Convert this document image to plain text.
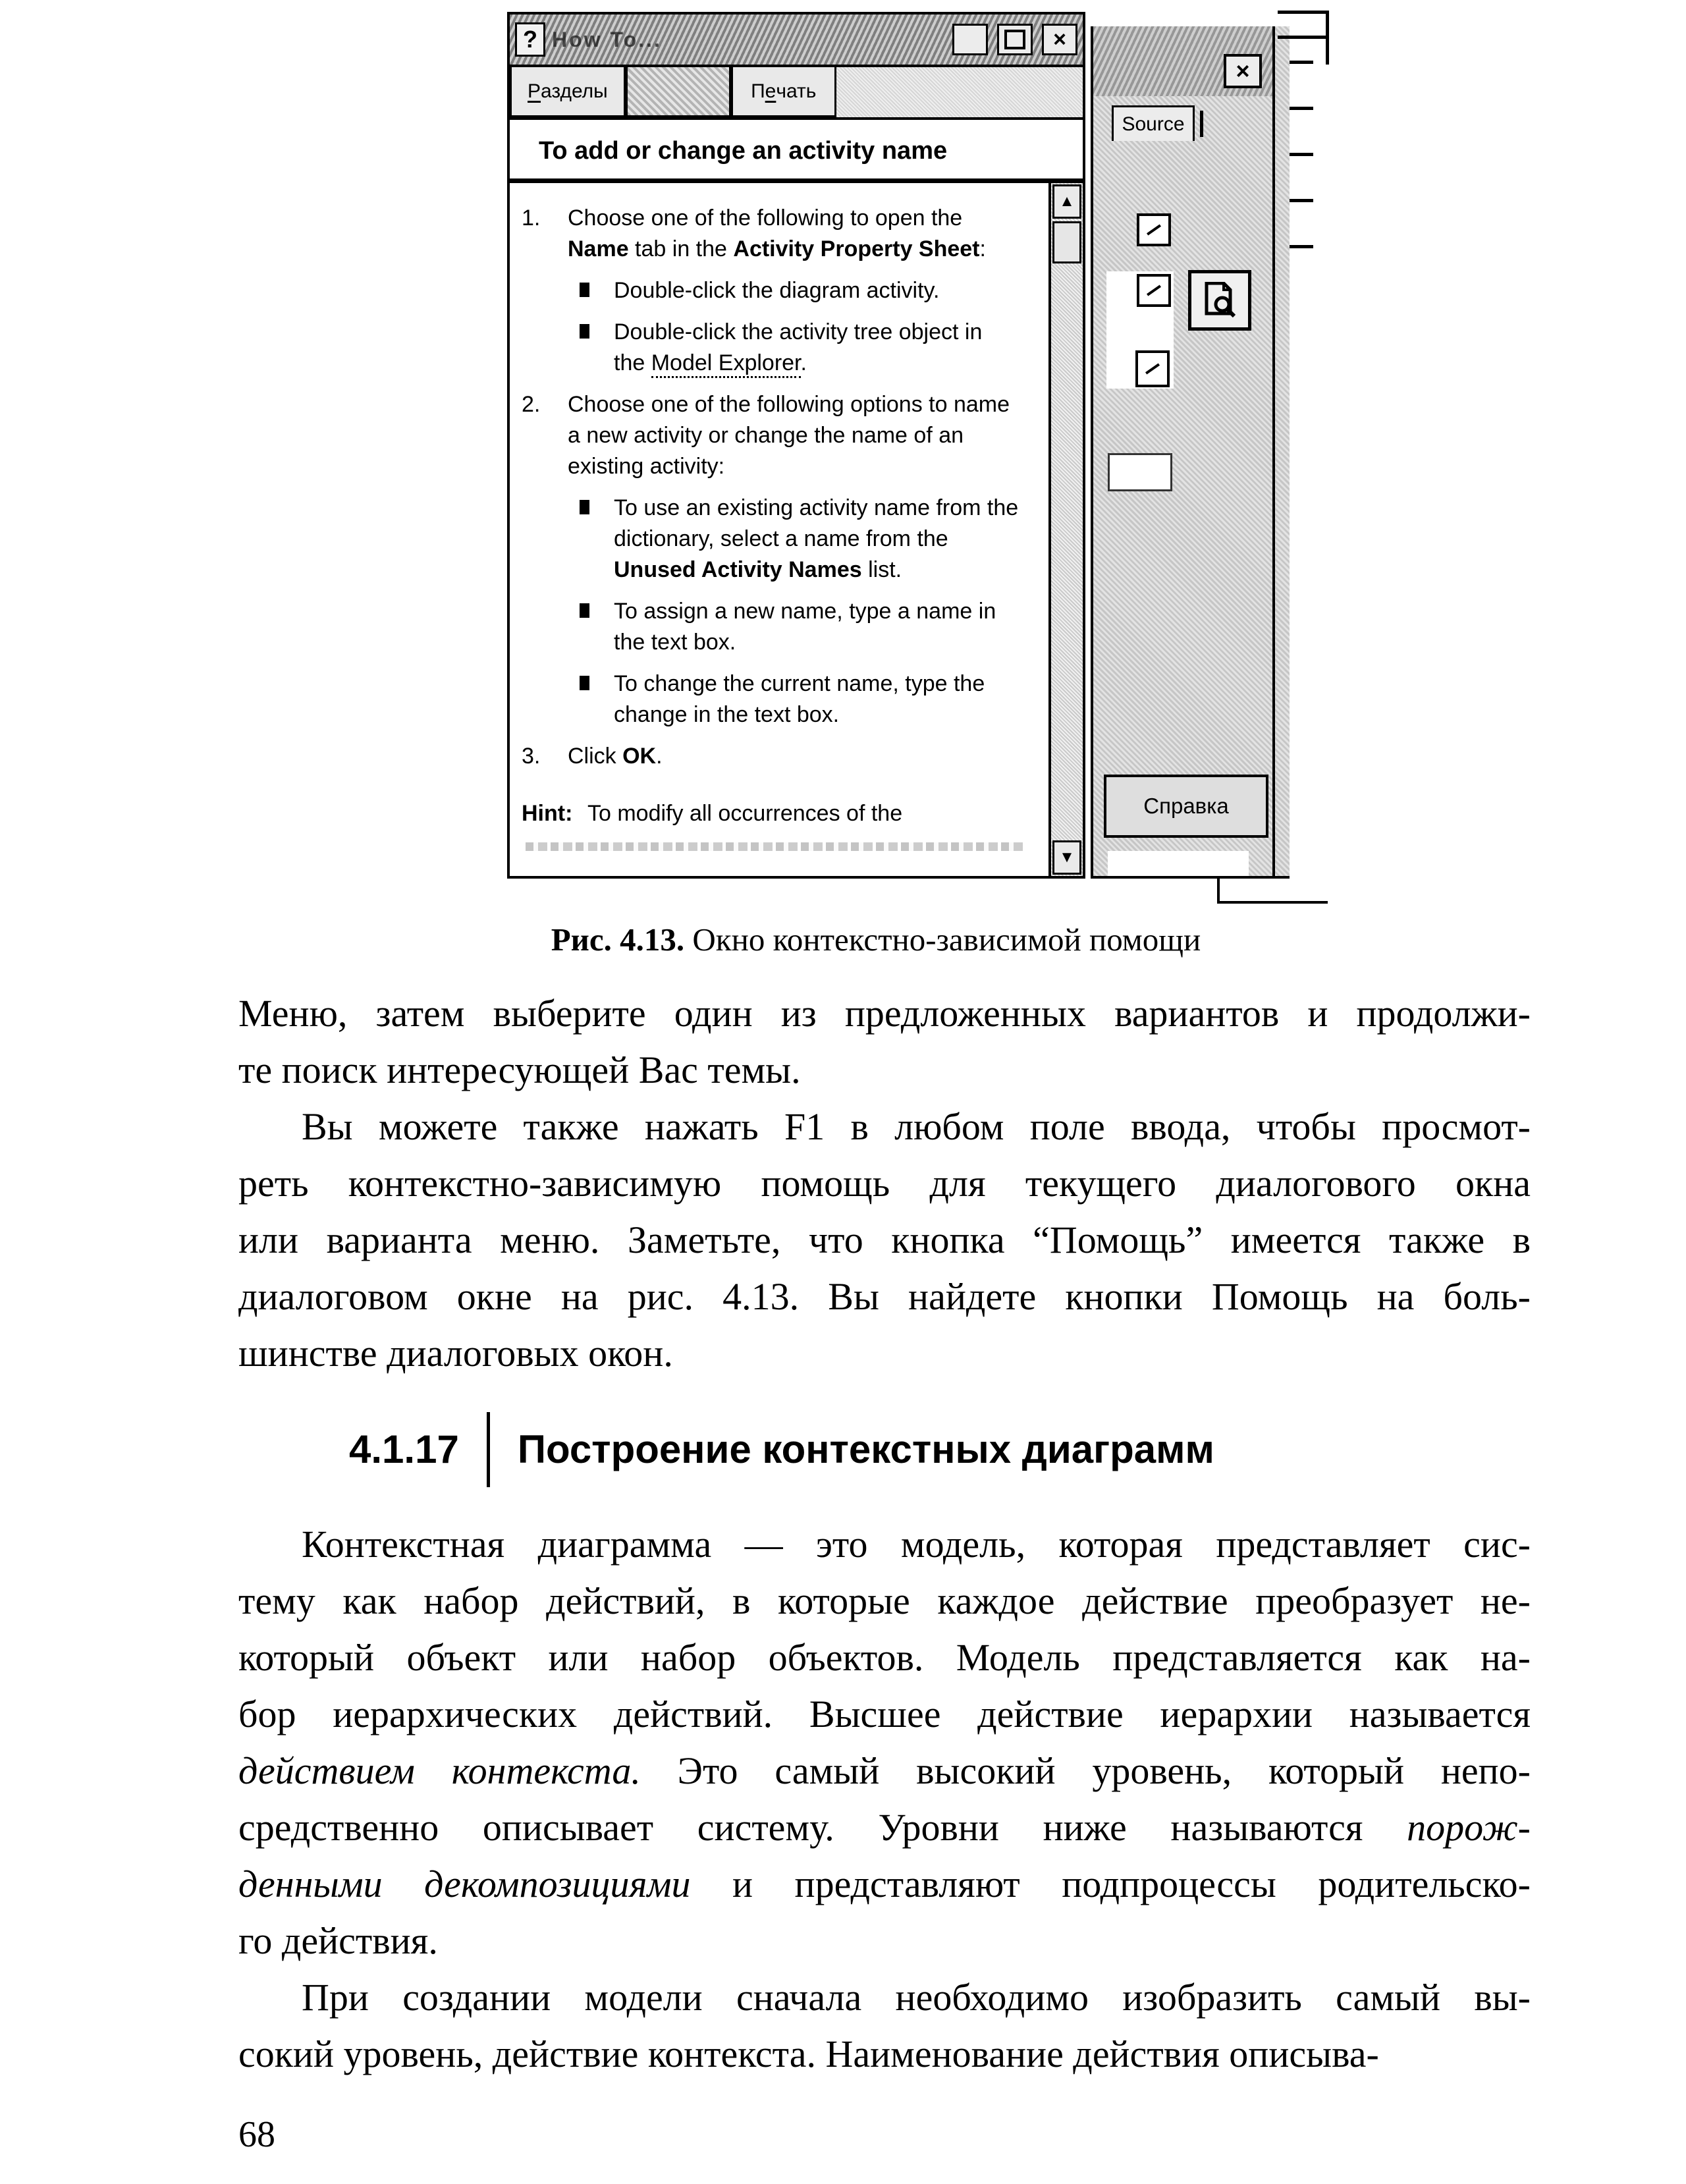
? How To...	_	×
Р азделы	П е чать
To add or change an activity name
1.	Choose one of the following to open the Name tab in the Activity Property Sheet:
Double-click the diagram activity.
Double-click the activity tree object in the Model Explorer.
2.	Choose one of the following options to name a new activity or change the name of an existing activity:
To use an existing activity name from the dictionary, select a name from the Unused Activity Names list.
To assign a new name, type a name in the text box.
To change the current name, type the change in the text box.
3.	Click OK.
Hint: To modify all occurrences of the
▲
▼
×
Source
Справка
Рис. 4.13. Окно контекстно-зависимой помощи
Меню, затем выберите один из предложенных вариантов и продолжи-
те поиск интересующей Вас темы.
Вы можете также нажать F1 в любом поле ввода, чтобы просмот-
реть контекстно-зависимую помощь для текущего диалогового окна
или варианта меню. Заметьте, что кнопка “Помощь” имеется также в
диалоговом окне на рис. 4.13. Вы найдете кнопки Помощь на боль-
шинстве диалоговых окон.
4.1.17 Построение контекстных диаграмм
Контекстная диаграмма — это модель, которая представляет сис-
тему как набор действий, в которые каждое действие преобразует не-
который объект или набор объектов. Модель представляется как на-
бор иерархических действий. Высшее действие иерархии называется
действием контекста. Это самый высокий уровень, который непо-
средственно описывает систему. Уровни ниже называются порож-
денными декомпозициями и представляют подпроцессы родительско-
го действия.
При создании модели сначала необходимо изобразить самый вы-
сокий уровень, действие контекста. Наименование действия описыва-
68
